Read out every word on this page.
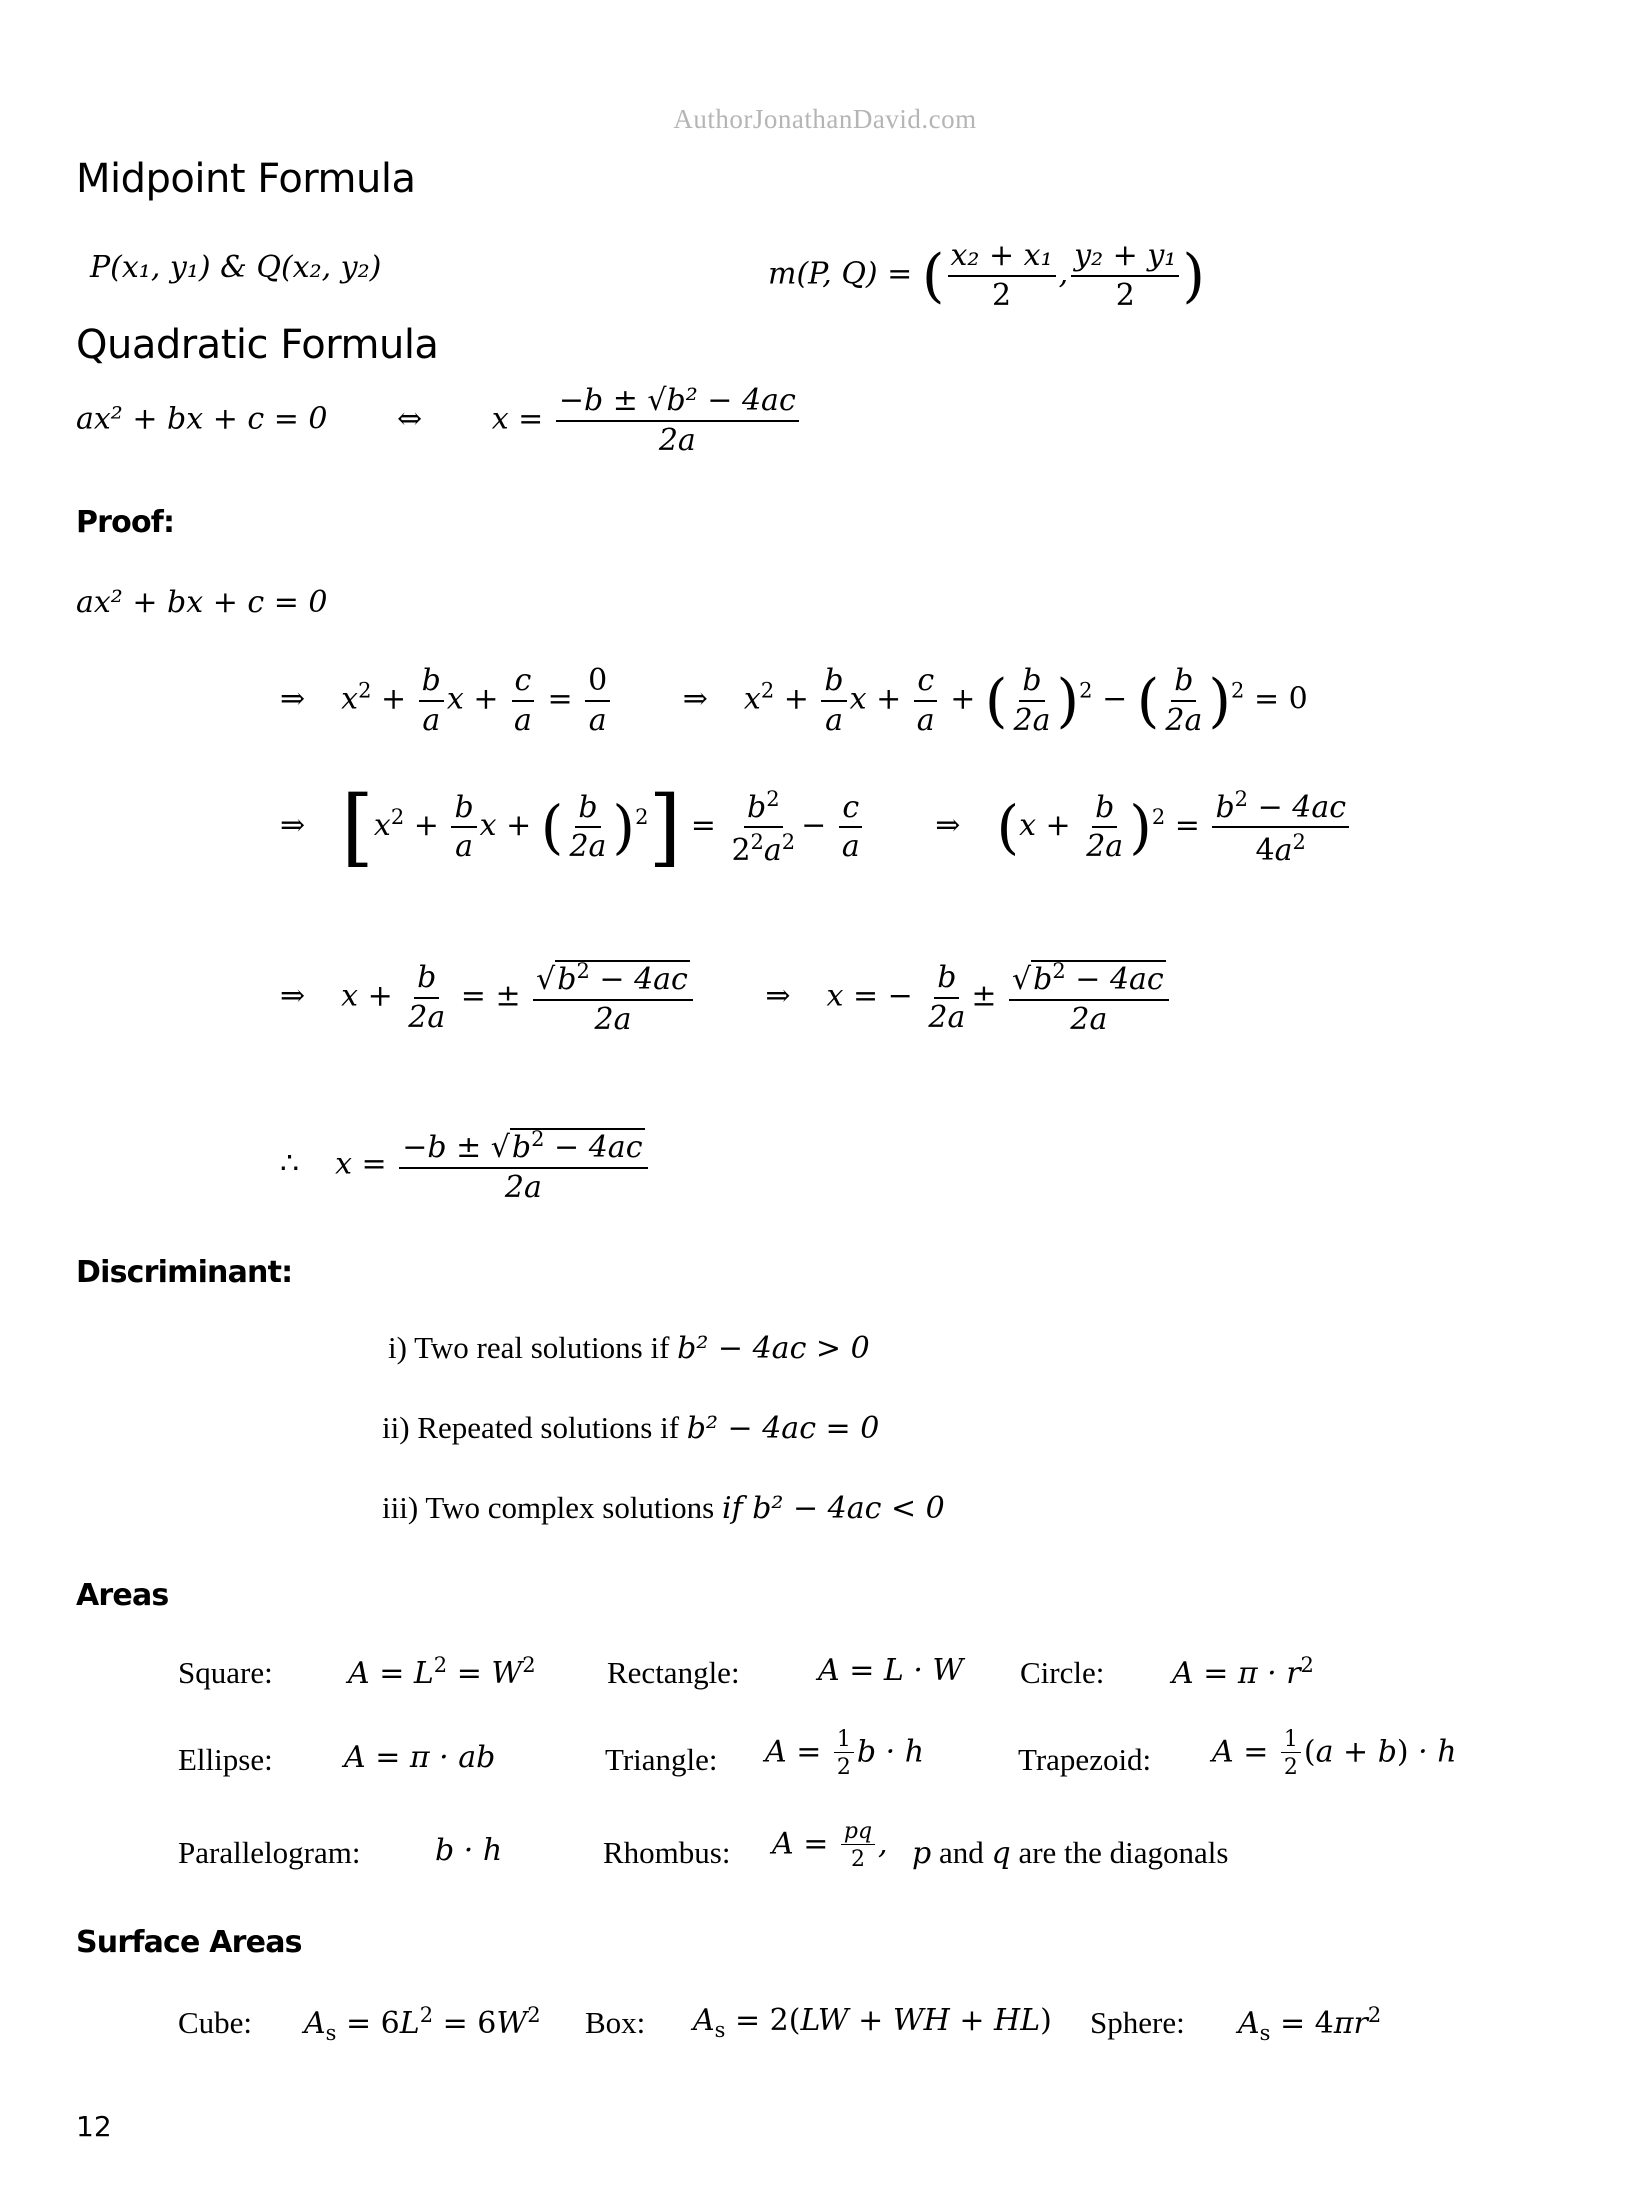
AuthorJonathanDavid.com
Midpoint Formula
P(x₁, y₁) & Q(x₂, y₂)	m(P, Q) = ( $\frac{\text{x₂ + x₁}}{2}$ , $\frac{\text{y₂ + y₁}}{2}$ )
Quadratic Formula
ax² + bx + c = 0 ⇔ $x = \frac{\text{−b ± √b² − 4ac}}{2a}$
Proof:
ax² + bx + c = 0
⇒ $x^2 + \frac{b}{a}$ $x + \frac{c}{a} = \frac{0}{a}$ ⇒ $x^2 + \frac{b}{a}$ $x + \frac{c}{a}$ + ( $\frac{b}{2a} )^2$ − ( $\frac{b}{2a} )^2 = 0$
⇒ [$x^2 + \frac{b}{a}$ x + ( $\frac{b}{2a} )^2] = \frac{b^2}{2^2a^2} - \frac{c}{a}$ ⇒ $(x + \frac{b}{2a} )^2 = \frac{b^2 - 4ac}{4a^2}$
⇒ $x + \frac{b}{2a}$ = ± $\frac{√b^2 - 4ac}{2a}$ ⇒ x = − $\frac{b}{2a} \pm \frac{√b^2 - 4ac}{2a}$
∴ $x = \frac{-b \pm √b^2 - 4ac}{2a}$
Discriminant:
i) Two real solutions if b² − 4ac > 0
ii) Repeated solutions if b² − 4ac = 0
iii) Two complex solutions if b² − 4ac < 0
Areas
Square:	$A = L^2 = W^2$ Rectangle:	A = L · W Circle: $A = \pi \cdot r^2$
Ellipse: A = π · ab	Triangle: $A = \frac{1}{2}$ b · h	Trapezoid: $A = \frac{1}{2} (a + b) \cdot h$
Parallelogram: b · h	Rhombus: $A = \frac{pq}{2}$ , p and q are the diagonals
Surface Areas
Cube: $A_s = 6L^2 = 6W^2$ Box: $A_s = 2(LW$ + WH + HL) Sphere: $A_s = 4\pi r^2$
12
